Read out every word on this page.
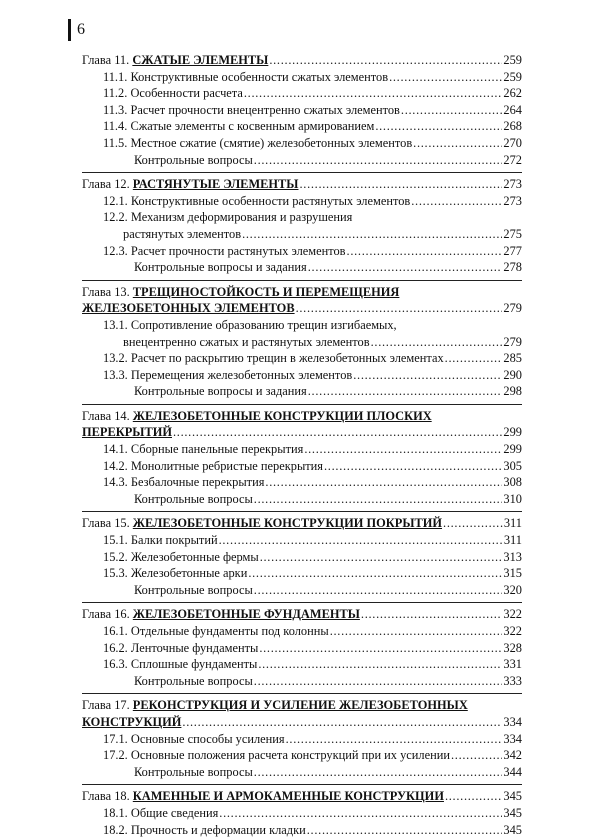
6
Глава 11. СЖАТЫЕ ЭЛЕМЕНТЫ . . .	259
11.1. Конструктивные особенности сжатых элементов . . .	259
11.2. Особенности расчета . . .	262
11.3. Расчет прочности внецентренно сжатых элементов . . .	264
11.4. Сжатые элементы с косвенным армированием . . .	268
11.5. Местное сжатие (смятие) железобетонных элементов . . .	270
Контрольные вопросы . . .	272
Глава 12. РАСТЯНУТЫЕ ЭЛЕМЕНТЫ . . .	273
12.1. Конструктивные особенности растянутых элементов . . .	273
12.2. Механизм деформирования и разрушения
растянутых элементов . . .	275
12.3. Расчет прочности растянутых элементов . . .	277
Контрольные вопросы и задания . . .	278
Глава 13. ТРЕЩИНОСТОЙКОСТЬ И ПЕРЕМЕЩЕНИЯ
ЖЕЛЕЗОБЕТОННЫХ ЭЛЕМЕНТОВ . . .	279
13.1. Сопротивление образованию трещин изгибаемых,
внецентренно сжатых и растянутых элементов . . .	279
13.2. Расчет по раскрытию трещин в железобетонных элементах . . .	285
13.3. Перемещения железобетонных элементов . . .	290
Контрольные вопросы и задания . . .	298
Глава 14. ЖЕЛЕЗОБЕТОННЫЕ КОНСТРУКЦИИ ПЛОСКИХ
ПЕРЕКРЫТИЙ . . .	299
14.1. Сборные панельные перекрытия . . .	299
14.2. Монолитные ребристые перекрытия . . .	305
14.3. Безбалочные перекрытия . . .	308
Контрольные вопросы . . .	310
Глава 15. ЖЕЛЕЗОБЕТОННЫЕ КОНСТРУКЦИИ ПОКРЫТИЙ . . .	311
15.1. Балки покрытий . . .	311
15.2. Железобетонные фермы . . .	313
15.3. Железобетонные арки . . .	315
Контрольные вопросы . . .	320
Глава 16. ЖЕЛЕЗОБЕТОННЫЕ ФУНДАМЕНТЫ . . .	322
16.1. Отдельные фундаменты под колонны . . .	322
16.2. Ленточные фундаменты . . .	328
16.3. Сплошные фундаменты . . .	331
Контрольные вопросы . . .	333
Глава 17. РЕКОНСТРУКЦИЯ И УСИЛЕНИЕ ЖЕЛЕЗОБЕТОННЫХ
КОНСТРУКЦИЙ . . .	334
17.1. Основные способы усиления . . .	334
17.2. Основные положения расчета конструкций при их усилении . . .	342
Контрольные вопросы . . .	344
Глава 18. КАМЕННЫЕ И АРМОКАМЕННЫЕ КОНСТРУКЦИИ . . .	345
18.1. Общие сведения . . .	345
18.2. Прочность и деформации кладки . . .	345
